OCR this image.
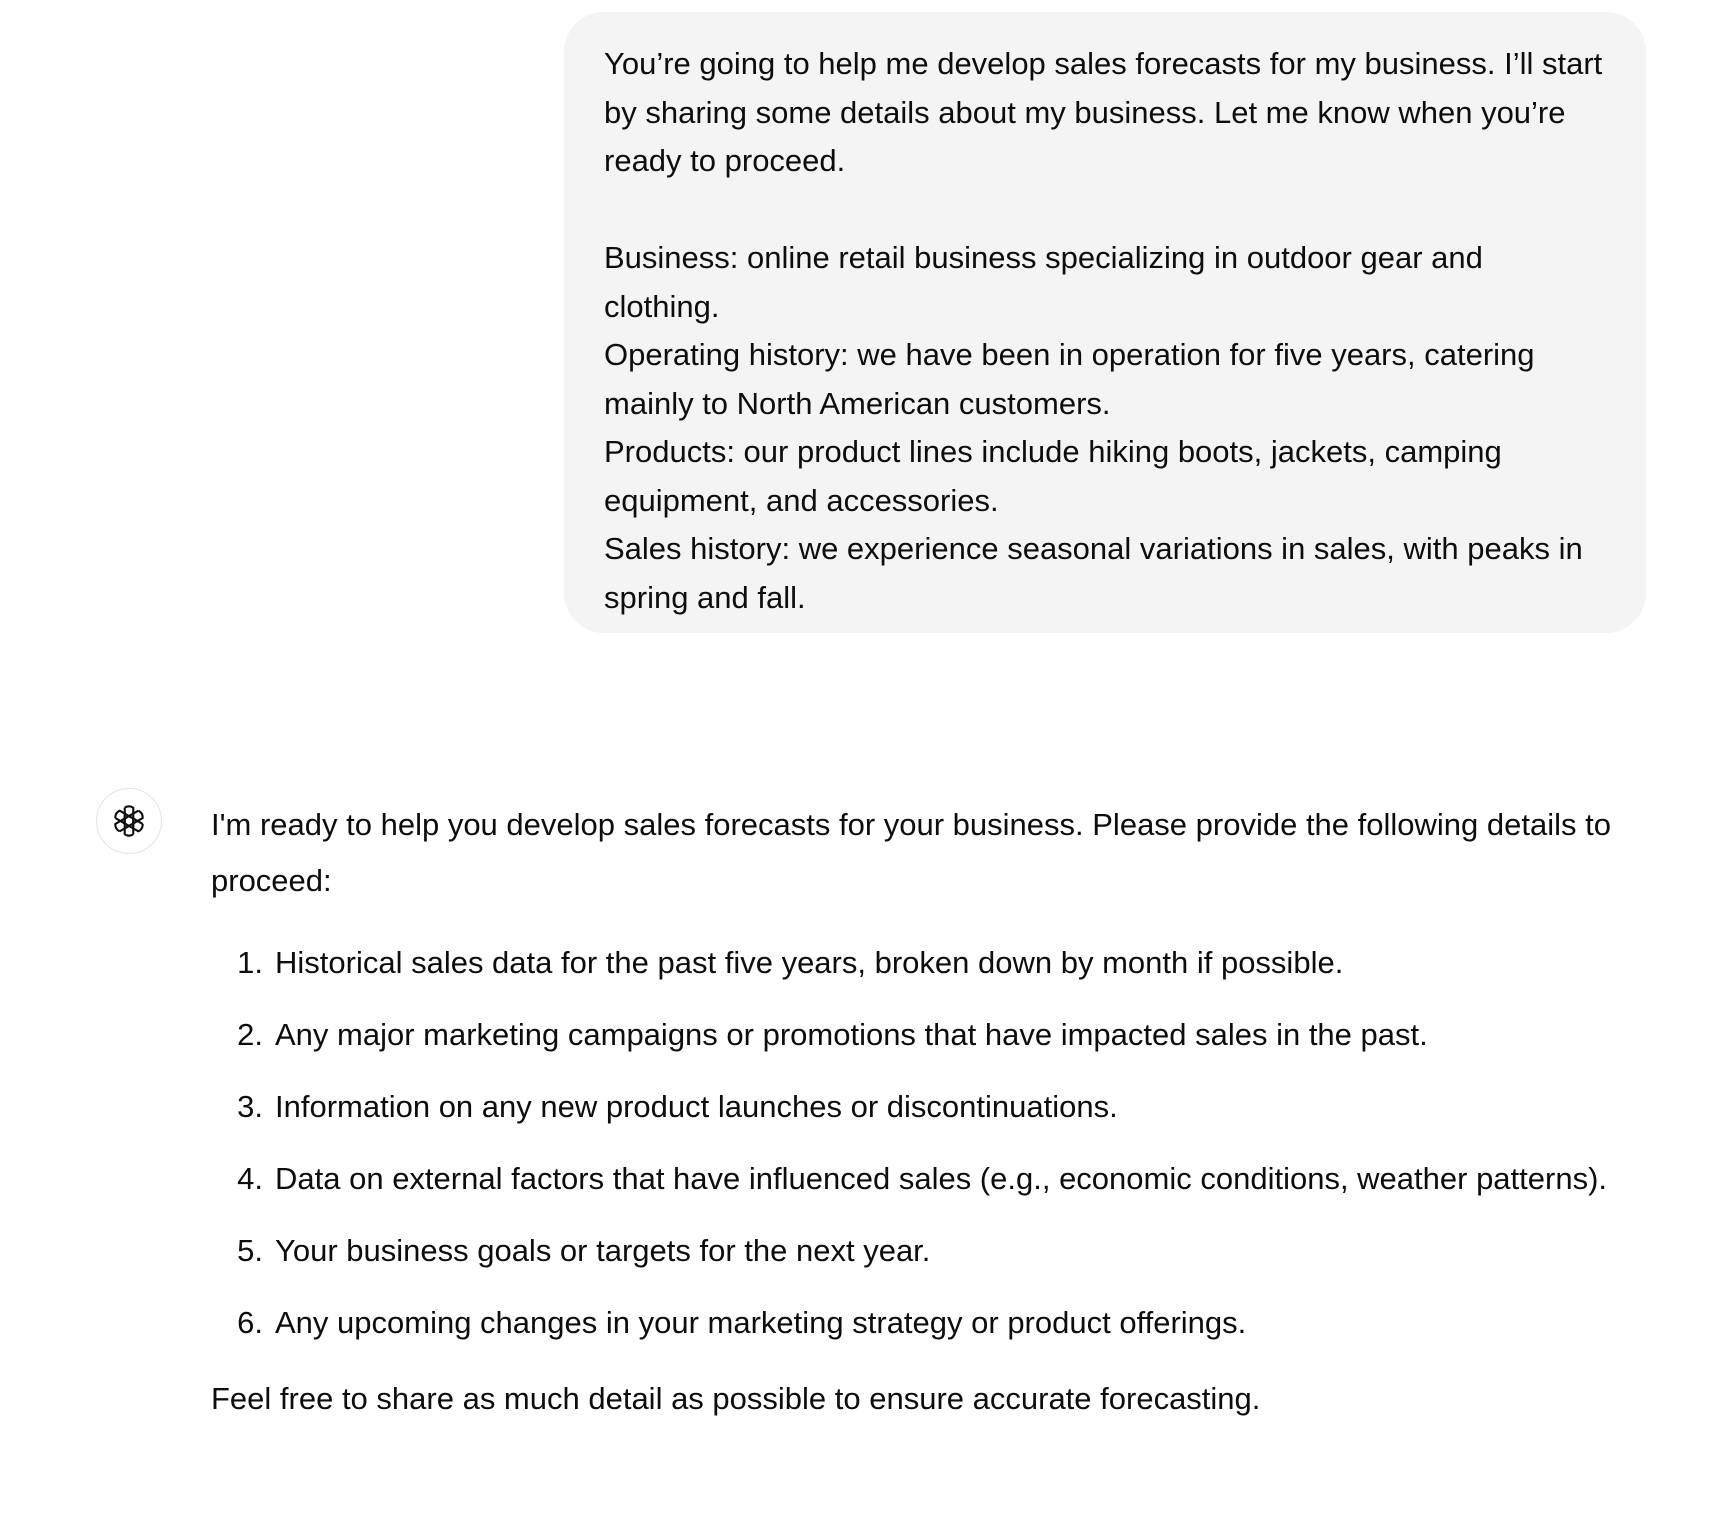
You’re going to help me develop sales forecasts for my business. I’ll start by sharing some details about my business. Let me know when you’re ready to proceed.

Business: online retail business specializing in outdoor gear and clothing.

Operating history: we have been in operation for five years, catering mainly to North American customers.

Products: our product lines include hiking boots, jackets, camping equipment, and accessories.

Sales history: we experience seasonal variations in sales, with peaks in spring and fall.

I'm ready to help you develop sales forecasts for your business. Please provide the following details to proceed:

1. Historical sales data for the past five years, broken down by month if possible.
2. Any major marketing campaigns or promotions that have impacted sales in the past.
3. Information on any new product launches or discontinuations.
4. Data on external factors that have influenced sales (e.g., economic conditions, weather patterns).
5. Your business goals or targets for the next year.
6. Any upcoming changes in your marketing strategy or product offerings.

Feel free to share as much detail as possible to ensure accurate forecasting.
